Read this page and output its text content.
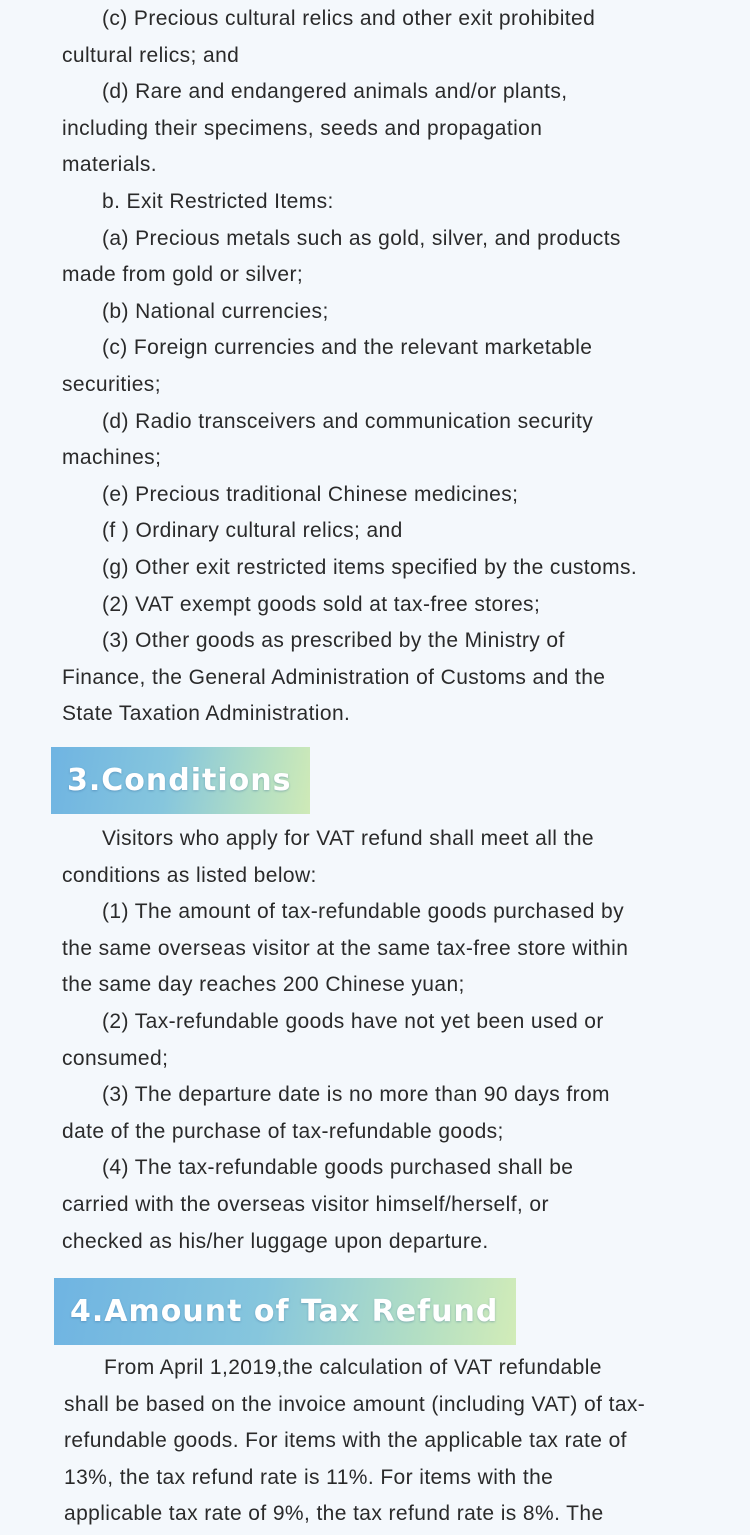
(c) Precious cultural relics and other exit prohibited

cultural relics; and

(d) Rare and endangered animals and/or plants,

including their specimens, seeds and propagation

materials.

b. Exit Restricted Items:

(a) Precious metals such as gold, silver, and products

made from gold or silver;

(b) National currencies;

(c) Foreign currencies and the relevant marketable

securities;

(d) Radio transceivers and communication security

machines;

(e) Precious traditional Chinese medicines;

(f ) Ordinary cultural relics; and

(g) Other exit restricted items specified by the customs.

(2) VAT exempt goods sold at tax-free stores;

(3) Other goods as prescribed by the Ministry of

Finance, the General Administration of Customs and the

State Taxation Administration.

3.Conditions

Visitors who apply for VAT refund shall meet all the

conditions as listed below:

(1) The amount of tax-refundable goods purchased by

the same overseas visitor at the same tax-free store within

the same day reaches 200 Chinese yuan;

(2) Tax-refundable goods have not yet been used or

consumed;

(3) The departure date is no more than 90 days from

date of the purchase of tax-refundable goods;

(4) The tax-refundable goods purchased shall be

carried with the overseas visitor himself/herself, or

checked as his/her luggage upon departure.

4.Amount of Tax Refund

From April 1,2019,the calculation of VAT refundable

shall be based on the invoice amount (including VAT) of tax-

refundable goods. For items with the applicable tax rate of

13%, the tax refund rate is 11%. For items with the

applicable tax rate of 9%, the tax refund rate is 8%. The
